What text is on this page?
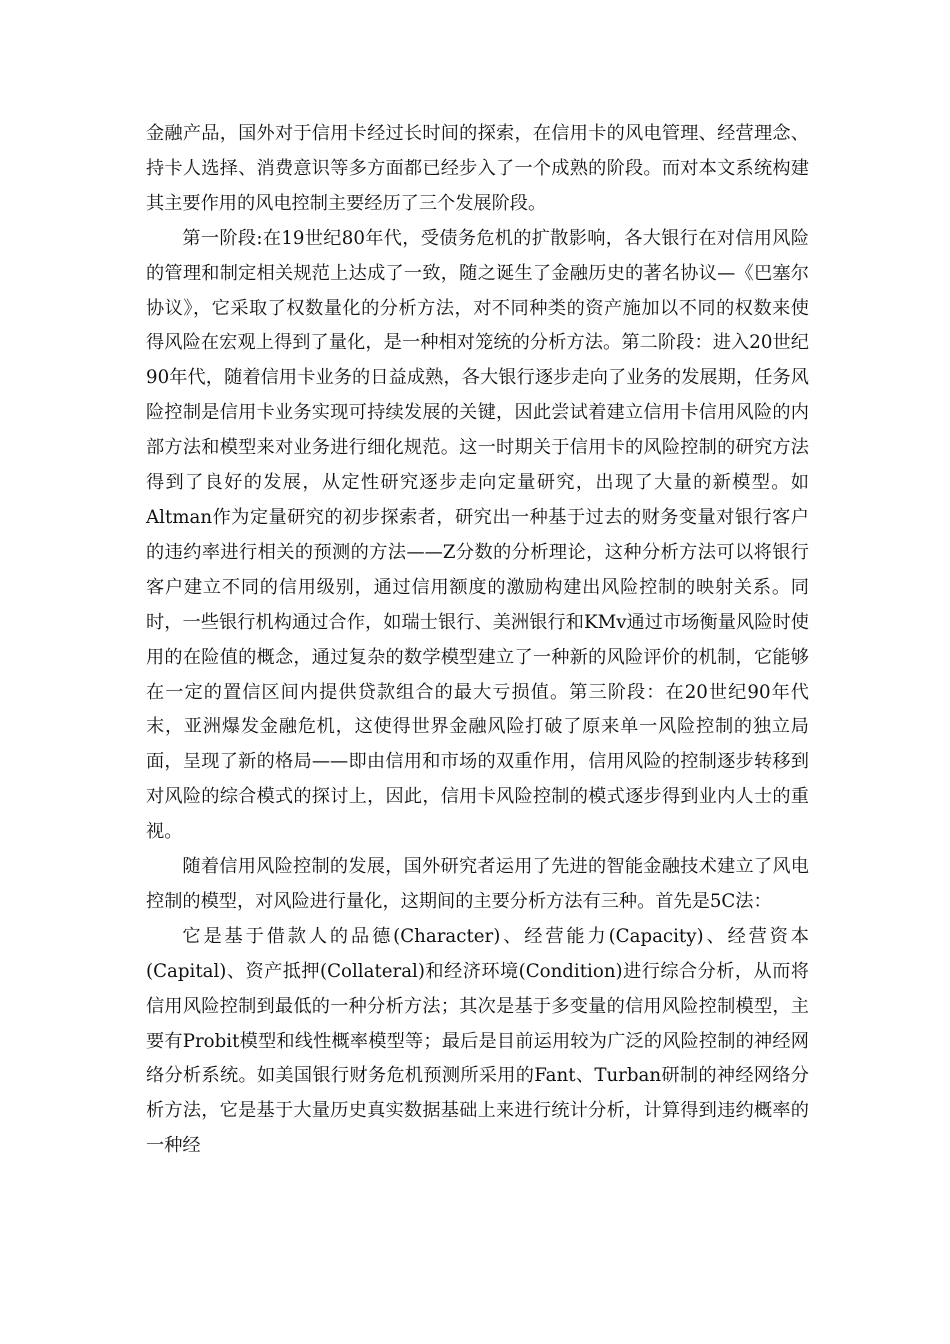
金融产品，国外对于信用卡经过长时间的探索，在信用卡的风电管理、经营理念、持卡人选择、消费意识等多方面都已经步入了一个成熟的阶段。而对本文系统构建其主要作用的风电控制主要经历了三个发展阶段。

第一阶段:在19世纪80年代，受债务危机的扩散影响，各大银行在对信用风险的管理和制定相关规范上达成了一致，随之诞生了金融历史的著名协议—《巴塞尔协议》，它采取了权数量化的分析方法，对不同种类的资产施加以不同的权数来使得风险在宏观上得到了量化，是一种相对笼统的分析方法。第二阶段：进入20世纪90年代，随着信用卡业务的日益成熟，各大银行逐步走向了业务的发展期，任务风险控制是信用卡业务实现可持续发展的关键，因此尝试着建立信用卡信用风险的内部方法和模型来对业务进行细化规范。这一时期关于信用卡的风险控制的研究方法得到了良好的发展，从定性研究逐步走向定量研究，出现了大量的新模型。如Altman作为定量研究的初步探索者，研究出一种基于过去的财务变量对银行客户的违约率进行相关的预测的方法——Z分数的分析理论，这种分析方法可以将银行客户建立不同的信用级别，通过信用额度的激励构建出风险控制的映射关系。同时，一些银行机构通过合作，如瑞士银行、美洲银行和KMv通过市场衡量风险时使用的在险值的概念，通过复杂的数学模型建立了一种新的风险评价的机制，它能够在一定的置信区间内提供贷款组合的最大亏损值。第三阶段：在20世纪90年代末，亚洲爆发金融危机，这使得世界金融风险打破了原来单一风险控制的独立局面，呈现了新的格局——即由信用和市场的双重作用，信用风险的控制逐步转移到对风险的综合模式的探讨上，因此，信用卡风险控制的模式逐步得到业内人士的重视。

随着信用风险控制的发展，国外研究者运用了先进的智能金融技术建立了风电控制的模型，对风险进行量化，这期间的主要分析方法有三种。首先是5C法：

它是基于借款人的品德(Character)、经营能力(Capacity)、经营资本(Capital)、资产抵押(Collateral)和经济环境(Condition)进行综合分析，从而将信用风险控制到最低的一种分析方法；其次是基于多变量的信用风险控制模型，主要有Probit模型和线性概率模型等；最后是目前运用较为广泛的风险控制的神经网络分析系统。如美国银行财务危机预测所采用的Fant、Turban研制的神经网络分析方法，它是基于大量历史真实数据基础上来进行统计分析，计算得到违约概率的一种经
